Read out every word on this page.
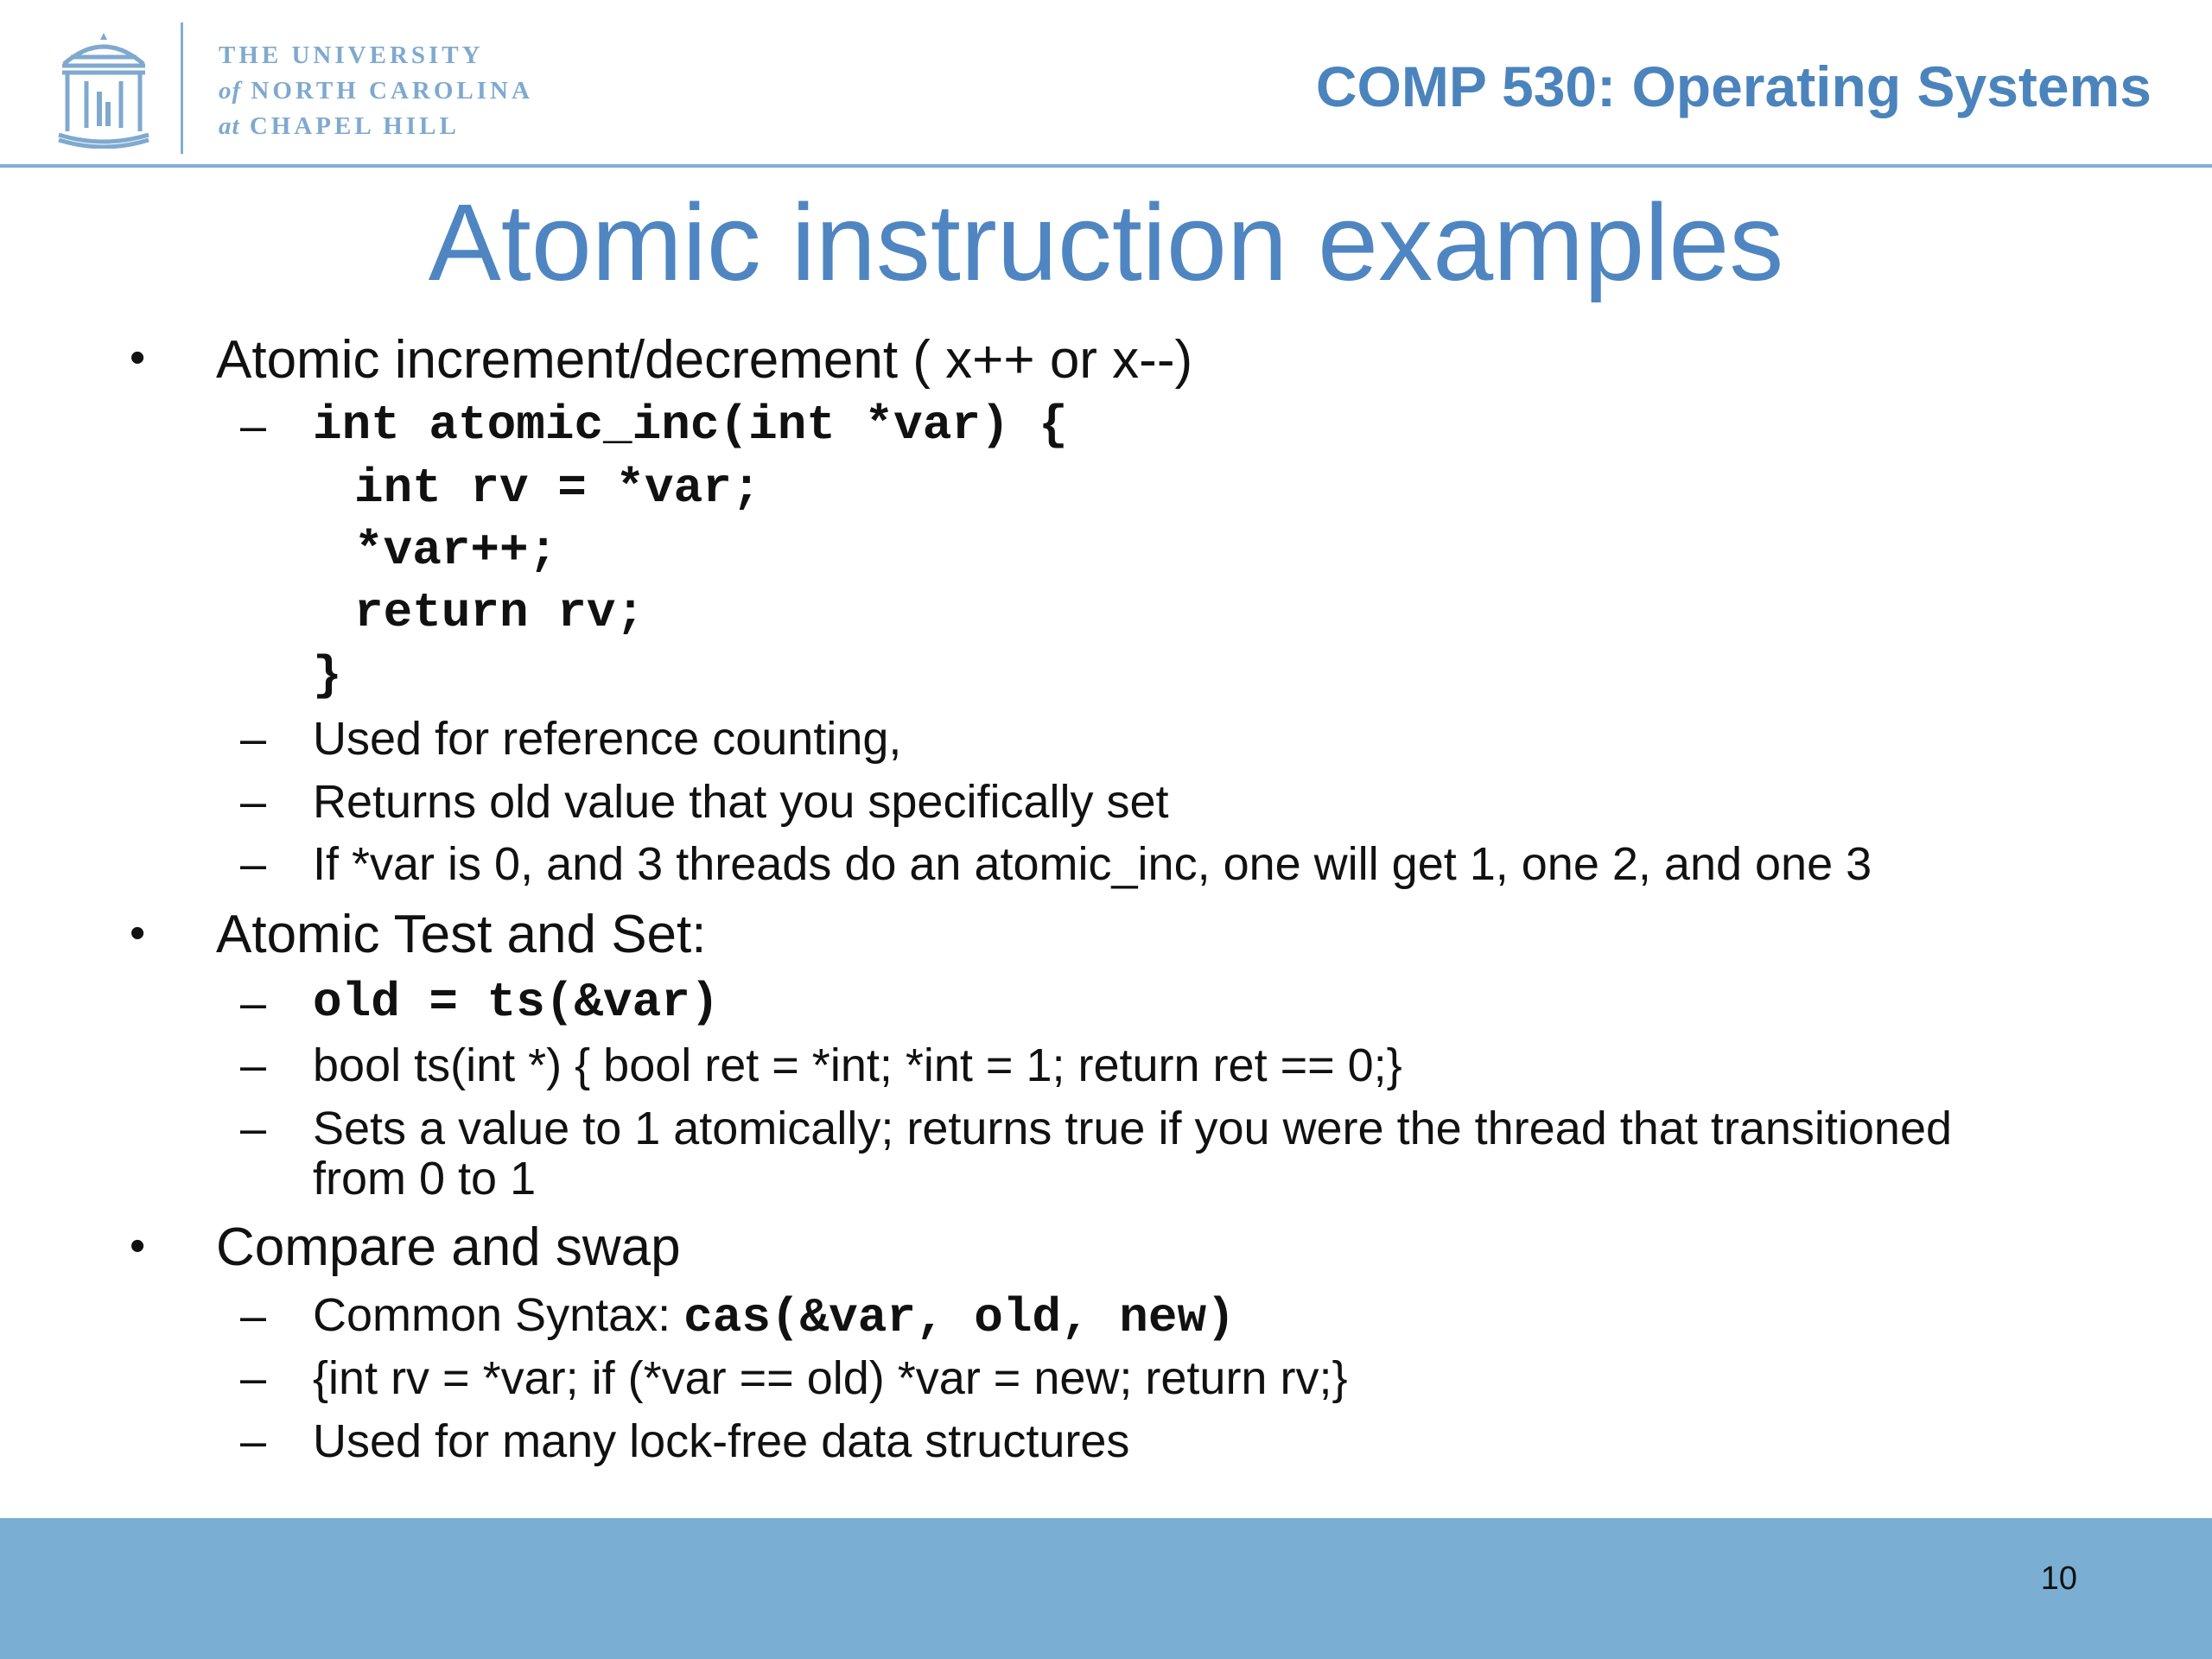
THE UNIVERSITY
of NORTH CAROLINA
at CHAPEL HILL
COMP 530: Operating Systems
Atomic instruction examples
• Atomic increment/decrement ( x++ or x--)
– int atomic_inc(int *var) {
int rv = *var;
*var++;
return rv;
}
– Used for reference counting,
– Returns old value that you specifically set
– If *var is 0, and 3 threads do an atomic_inc, one will get 1, one 2, and one 3
• Atomic Test and Set:
– old = ts(&var)
– bool ts(int *) { bool ret = *int; *int = 1; return ret == 0;}
– Sets a value to 1 atomically; returns true if you were the thread that transitioned
from 0 to 1
• Compare and swap
– Common Syntax: cas(&var, old, new)
– {int rv = *var; if (*var == old) *var = new; return rv;}
– Used for many lock-free data structures
10
